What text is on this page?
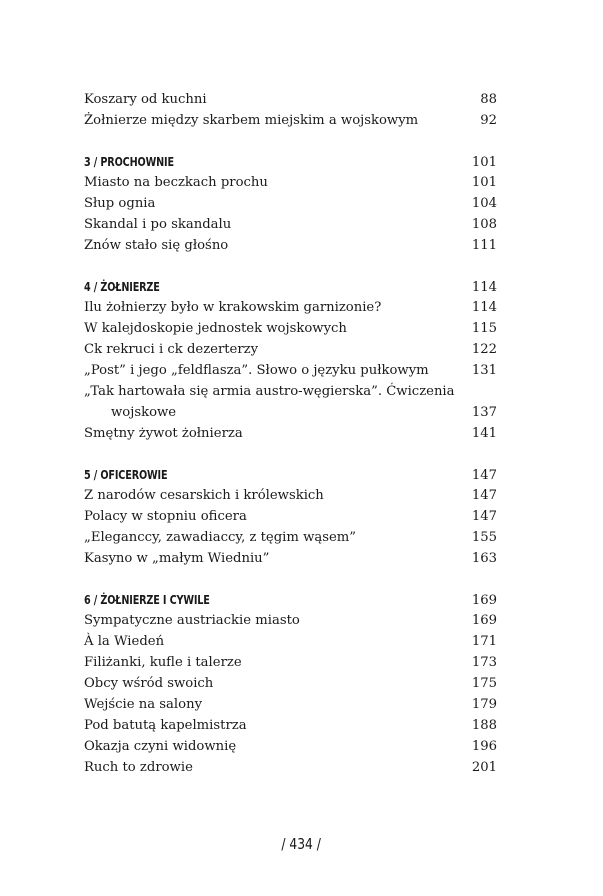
Koszary od kuchni	88
Żołnierze między skarbem miejskim a wojskowym	92
3 / PROCHOWNIE	101
Miasto na beczkach prochu	101
Słup ognia	104
Skandal i po skandalu	108
Znów stało się głośno	111
4 / ŻOŁNIERZE	114
Ilu żołnierzy było w krakowskim garnizonie?	114
W kalejdoskopie jednostek wojskowych	115
Ck rekruci i ck dezerterzy	122
„Post” i jego „feldflasza”. Słowo o języku pułkowym	131
„Tak hartowała się armia austro-węgierska”. Ćwiczenia
wojskowe	137
Smętny żywot żołnierza	141
5 / OFICEROWIE	147
Z narodów cesarskich i królewskich	147
Polacy w stopniu oficera	147
„Eleganccy, zawadiaccy, z tęgim wąsem”	155
Kasyno w „małym Wiedniu”	163
6 / ŻOŁNIERZE I CYWILE	169
Sympatyczne austriackie miasto	169
À la Wiedeń	171
Filiżanki, kufle i talerze	173
Obcy wśród swoich	175
Wejście na salony	179
Pod batutą kapelmistrza	188
Okazja czyni widownię	196
Ruch to zdrowie	201
/ 434 /
